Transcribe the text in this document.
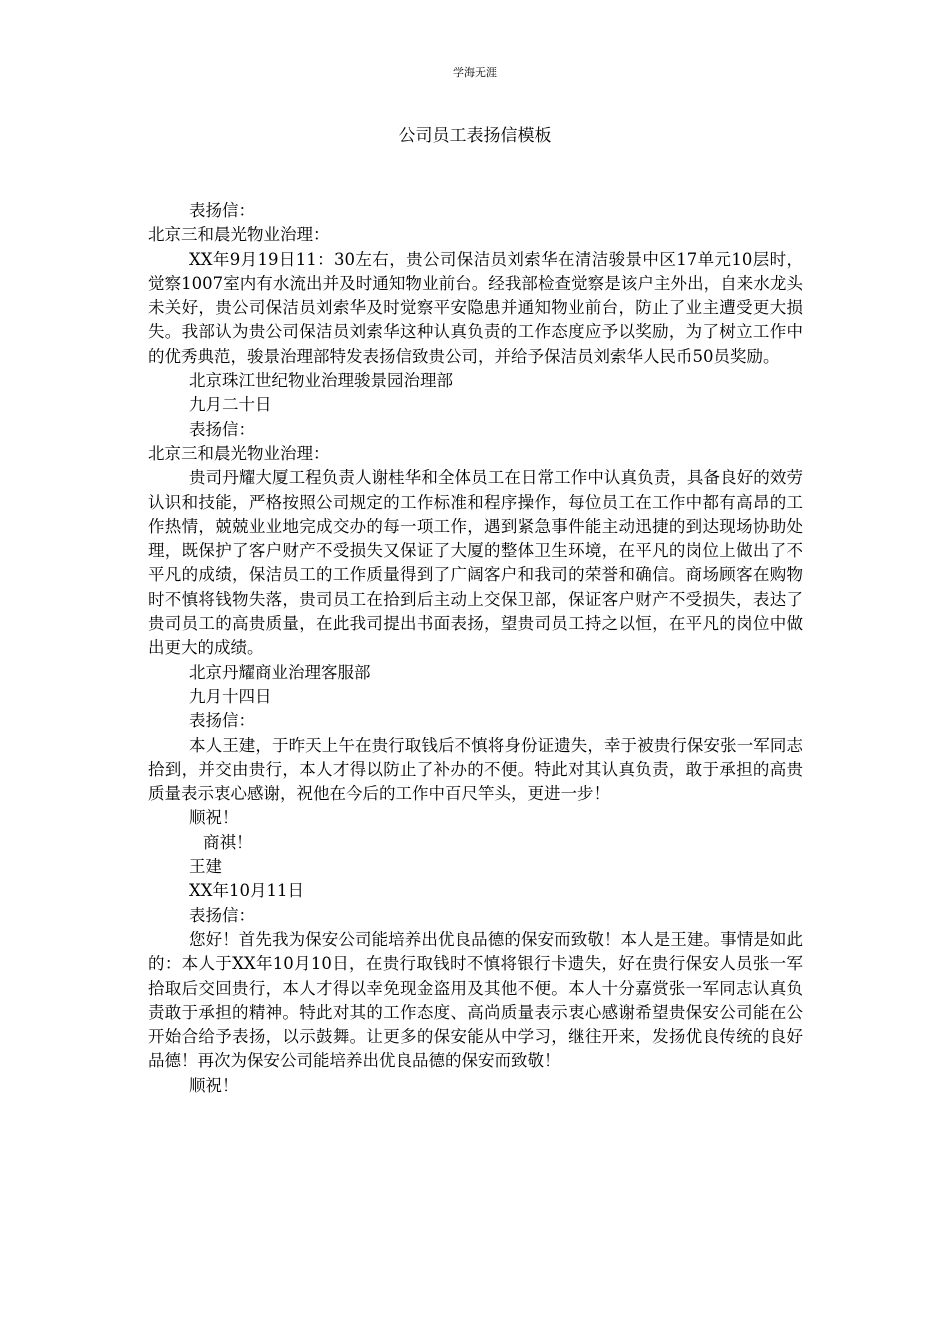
学海无涯
公司员工表扬信模板

表扬信：

北京三和晨光物业治理：

XX年9月19日11：30左右，贵公司保洁员刘索华在清洁骏景中区17单元10层时，觉察1007室内有水流出并及时通知物业前台。经我部检查觉察是该户主外出，自来水龙头未关好，贵公司保洁员刘索华及时觉察平安隐患并通知物业前台，防止了业主遭受更大损失。我部认为贵公司保洁员刘索华这种认真负责的工作态度应予以奖励，为了树立工作中的优秀典范，骏景治理部特发表扬信致贵公司，并给予保洁员刘索华人民币50员奖励。

北京珠江世纪物业治理骏景园治理部

九月二十日

表扬信：

北京三和晨光物业治理：

贵司丹耀大厦工程负责人谢桂华和全体员工在日常工作中认真负责，具备良好的效劳认识和技能，严格按照公司规定的工作标准和程序操作，每位员工在工作中都有高昂的工作热情，兢兢业业地完成交办的每一项工作，遇到紧急事件能主动迅捷的到达现场协助处理，既保护了客户财产不受损失又保证了大厦的整体卫生环境，在平凡的岗位上做出了不平凡的成绩，保洁员工的工作质量得到了广阔客户和我司的荣誉和确信。商场顾客在购物时不慎将钱物失落，贵司员工在拾到后主动上交保卫部，保证客户财产不受损失，表达了贵司员工的高贵质量，在此我司提出书面表扬，望贵司员工持之以恒，在平凡的岗位中做出更大的成绩。

北京丹耀商业治理客服部

九月十四日

表扬信：

本人王建，于昨天上午在贵行取钱后不慎将身份证遗失，幸于被贵行保安张一军同志拾到，并交由贵行，本人才得以防止了补办的不便。特此对其认真负责，敢于承担的高贵质量表示衷心感谢，祝他在今后的工作中百尺竿头，更进一步！

顺祝！

商祺！

王建

XX年10月11日

表扬信：

您好！首先我为保安公司能培养出优良品德的保安而致敬！本人是王建。事情是如此的：本人于XX年10月10日，在贵行取钱时不慎将银行卡遗失，好在贵行保安人员张一军拾取后交回贵行，本人才得以幸免现金盗用及其他不便。本人十分嘉赏张一军同志认真负责敢于承担的精神。特此对其的工作态度、高尚质量表示衷心感谢希望贵保安公司能在公开始合给予表扬，以示鼓舞。让更多的保安能从中学习，继往开来，发扬优良传统的良好品德！再次为保安公司能培养出优良品德的保安而致敬！

顺祝！
